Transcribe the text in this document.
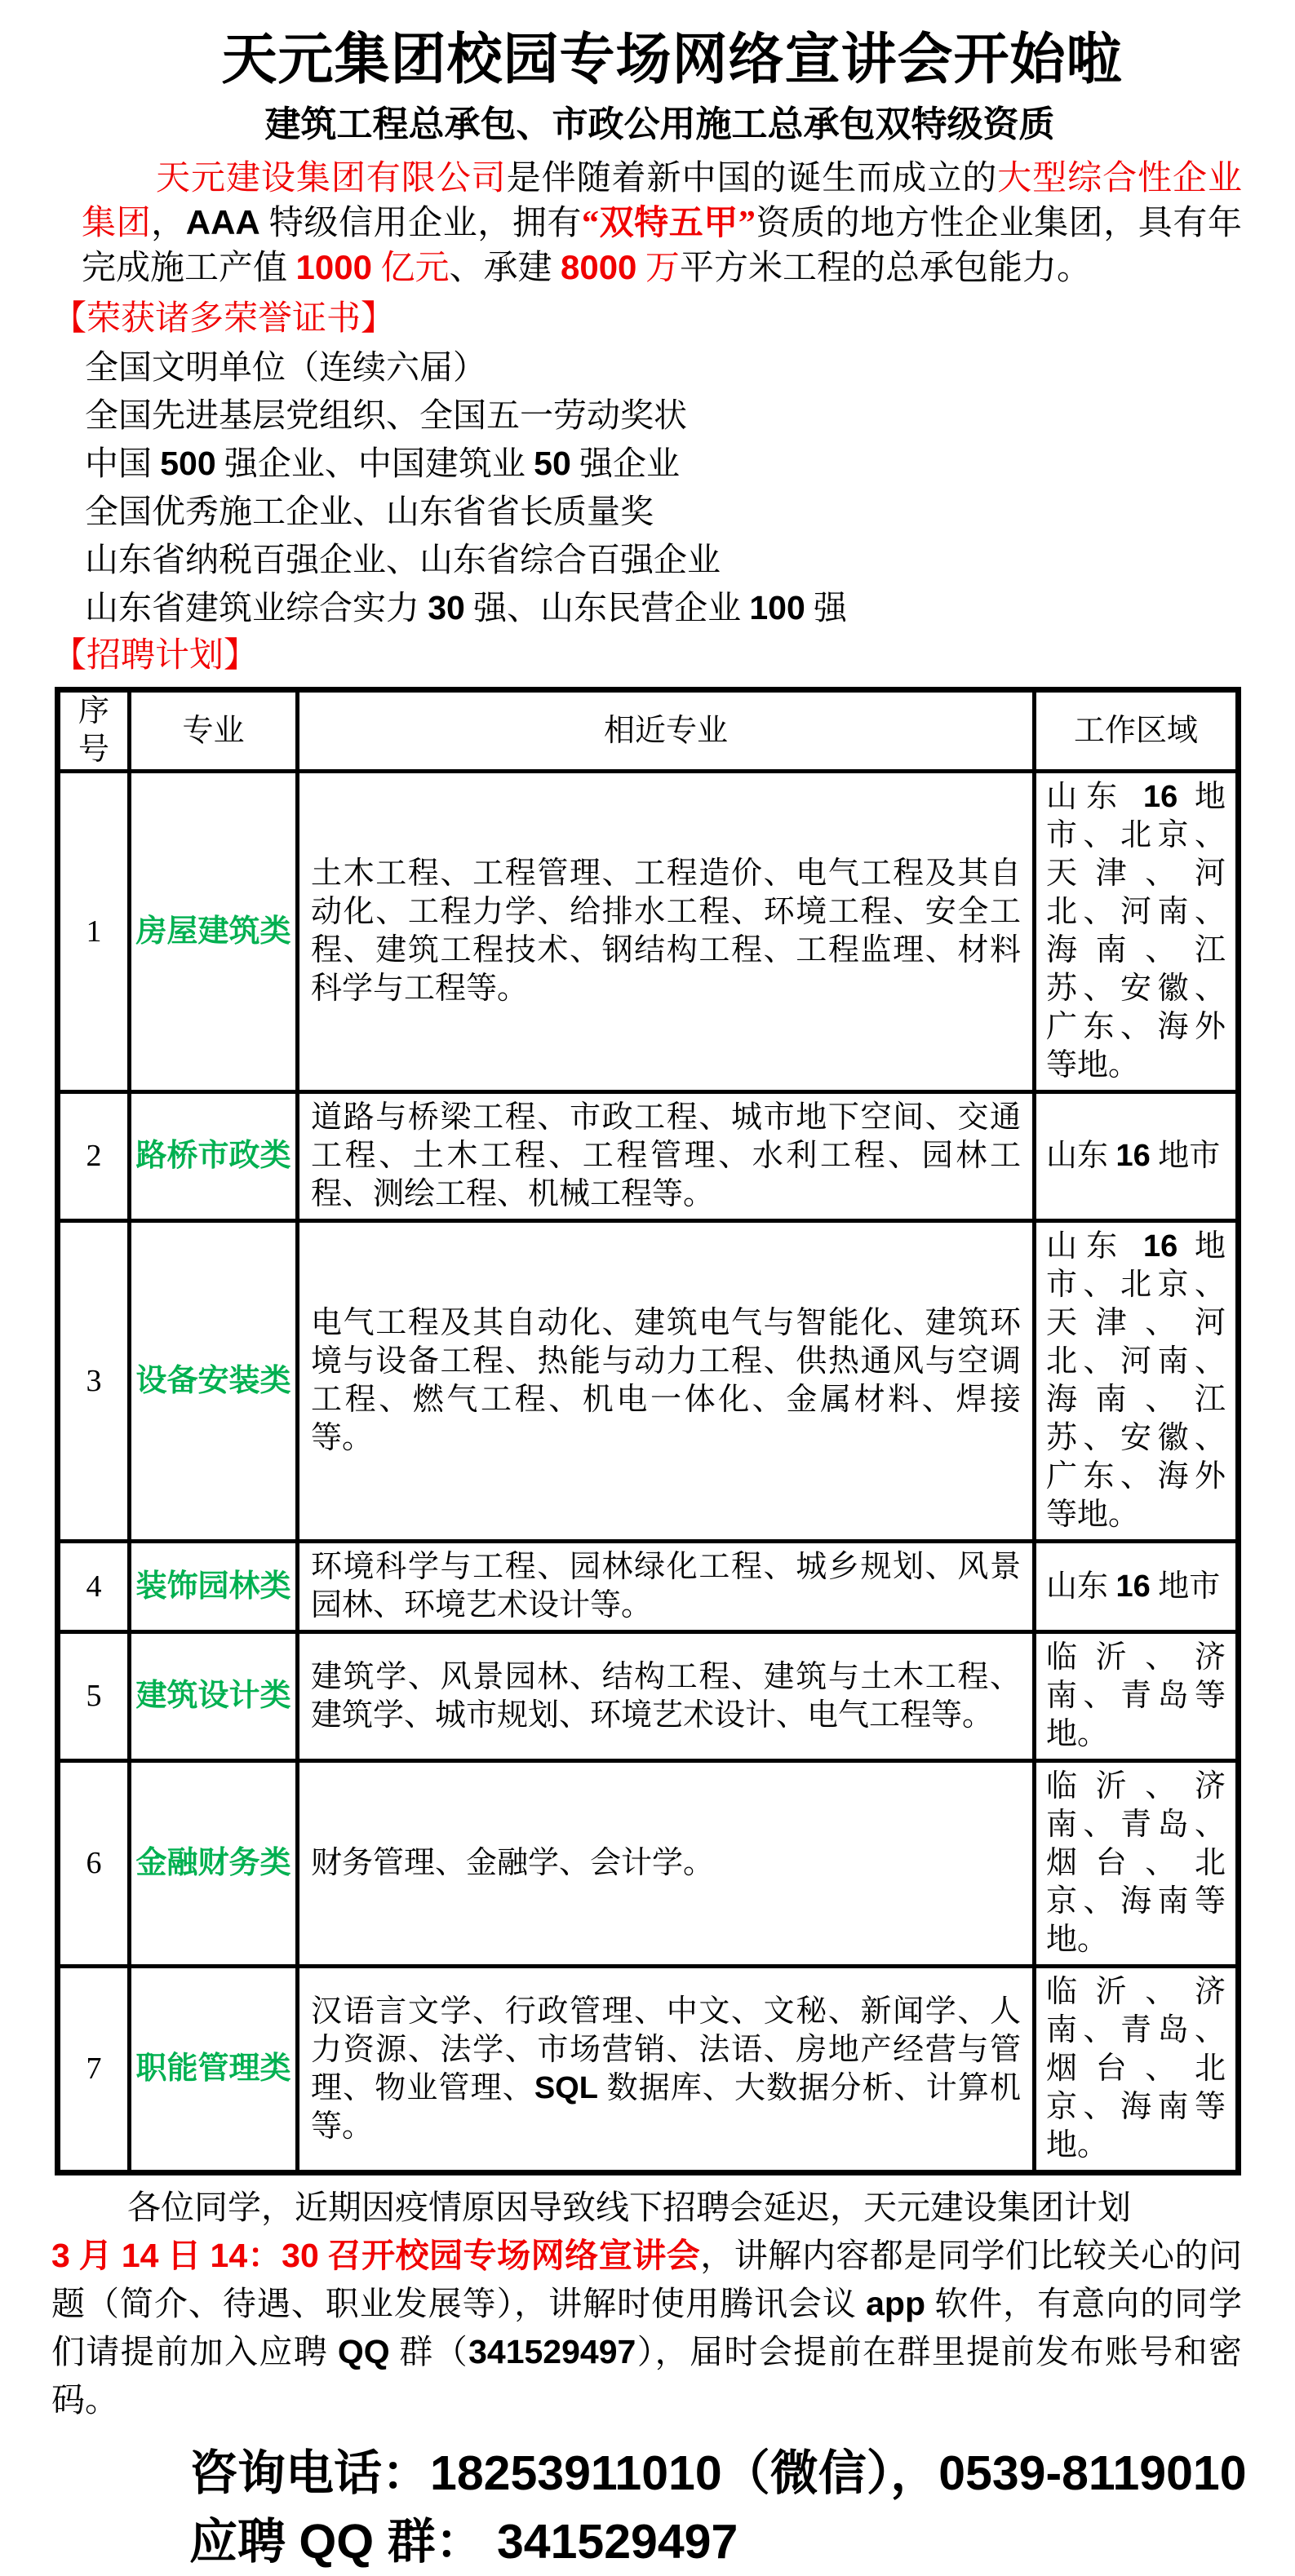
天元集团校园专场网络宣讲会开始啦
建筑工程总承包、市政公用施工总承包双特级资质

天元建设集团有限公司是伴随着新中国的诞生而成立的大型综合性企业集团，AAA 特级信用企业，拥有“双特五甲”资质的地方性企业集团，具有年完成施工产值 1000 亿元、承建 8000 万平方米工程的总承包能力。

【荣获诸多荣誉证书】
全国文明单位（连续六届）
全国先进基层党组织、全国五一劳动奖状
中国 500 强企业、中国建筑业 50 强企业
全国优秀施工企业、山东省省长质量奖
山东省纳税百强企业、山东省综合百强企业
山东省建筑业综合实力 30 强、山东民营企业 100 强
【招聘计划】
序号	专业	相近专业	工作区域
1	房屋建筑类	土木工程、工程管理、工程造价、电气工程及其自动化、工程力学、给排水工程、环境工程、安全工程、建筑工程技术、钢结构工程、工程监理、材料科学与工程等。	山东 16 地市、北京、天津、河北、河南、海南、江苏、安徽、广东、海外等地。
2	路桥市政类	道路与桥梁工程、市政工程、城市地下空间、交通工程、土木工程、工程管理、水利工程、园林工程、测绘工程、机械工程等。	山东 16 地市
3	设备安装类	电气工程及其自动化、建筑电气与智能化、建筑环境与设备工程、热能与动力工程、供热通风与空调工程、燃气工程、机电一体化、金属材料、焊接等。	山东 16 地市、北京、天津、河北、河南、海南、江苏、安徽、广东、海外等地。
4	装饰园林类	环境科学与工程、园林绿化工程、城乡规划、风景园林、环境艺术设计等。	山东 16 地市
5	建筑设计类	建筑学、风景园林、结构工程、建筑与土木工程、建筑学、城市规划、环境艺术设计、电气工程等。	临沂、济南、青岛等地。
6	金融财务类	财务管理、金融学、会计学。	临沂、济南、青岛、烟台、北京、海南等地。
7	职能管理类	汉语言文学、行政管理、中文、文秘、新闻学、人力资源、法学、市场营销、法语、房地产经营与管理、物业管理、SQL 数据库、大数据分析、计算机等。	临沂、济南、青岛、烟台、北京、海南等地。

各位同学，近期因疫情原因导致线下招聘会延迟，天元建设集团计划

3 月 14 日 14：30 召开校园专场网络宣讲会，讲解内容都是同学们比较关心的问题（简介、待遇、职业发展等），讲解时使用腾讯会议 app 软件，有意向的同学们请提前加入应聘 QQ 群（341529497），届时会提前在群里提前发布账号和密码。

咨询电话：18253911010（微信），0539-8119010
应聘 QQ 群： 341529497
